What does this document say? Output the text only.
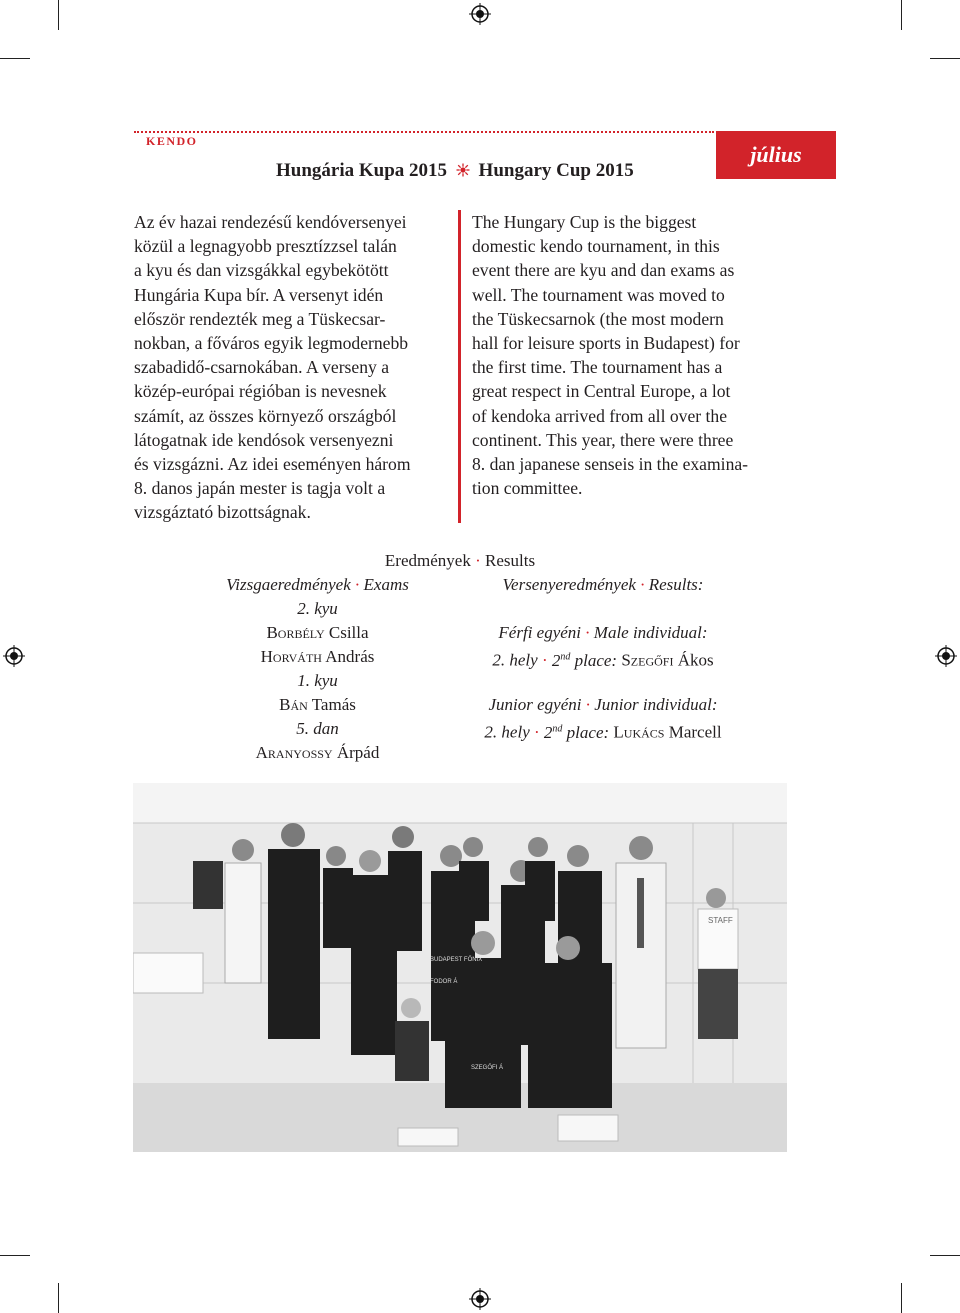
KENDO
július
Hungária Kupa 2015 Hungary Cup 2015
Az év hazai rendezésű kendóversenyei
közül a legnagyobb presztízzsel talán
a kyu és dan vizsgákkal egybekötött
Hungária Kupa bír. A versenyt idén
először rendezték meg a Tüskecsar-
nokban, a főváros egyik legmodernebb
szabadidő-csarnokában. A verseny a
közép-európai régióban is nevesnek
számít, az összes környező országból
látogatnak ide kendósok versenyezni
és vizsgázni. Az idei eseményen három
8. danos japán mester is tagja volt a
vizsgáztató bizottságnak.
The Hungary Cup is the biggest
domestic kendo tournament, in this
event there are kyu and dan exams as
well. The tournament was moved to
the Tüskecsarnok (the most modern
hall for leisure sports in Budapest) for
the first time. The tournament has a
great respect in Central Europe, a lot
of kendoka arrived from all over the
continent. This year, there were three
8. dan japanese senseis in the examina-
tion committee.
Eredmények · Results
Vizsgaeredmények · Exams
2. kyu
Borbély Csilla
Horváth András
1. kyu
Bán Tamás
5. dan
Aranyossy Árpád
Versenyeredmények · Results:
Férfi egyéni · Male individual:
2. hely · 2nd place: Szegőfi Ákos
Junior egyéni · Junior individual:
2. hely · 2nd place: Lukács Marcell
STAFF
BUDAPEST FŐNIX
FODOR Á
SZEGŐFI Á
